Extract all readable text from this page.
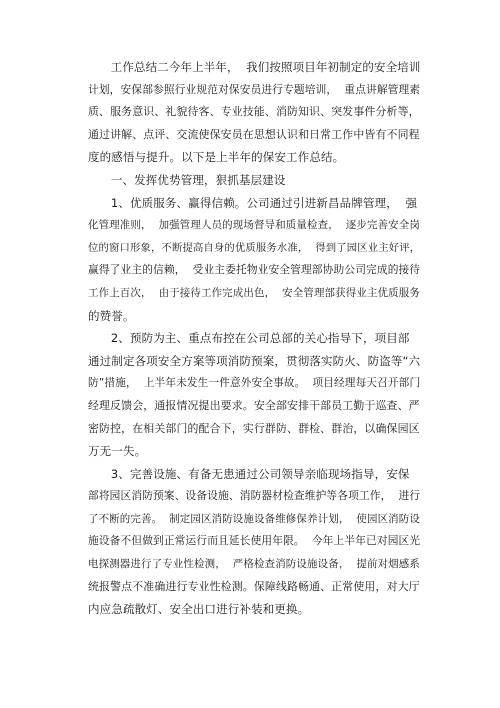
工作总结二今年上半年，  我们按照项目年初制定的安全培训
计划，安保部参照行业规范对保安员进行专题培训，  重点讲解管理素
质、服务意识、礼貌待客、专业技能、消防知识、突发事件分析等，
通过讲解、点评、交流使保安员在思想认识和日常工作中皆有不同程
度的感悟与提升。以下是上半年的保安工作总结。
一、发挥优势管理，狠抓基层建设
1、优质服务、赢得信赖。公司通过引进新昌品牌管理，  强
化管理准则，  加强管理人员的现场督导和质量检查，  逐步完善安全岗
位的窗口形象，不断提高自身的优质服务水准，  得到了园区业主好评，
赢得了业主的信赖，  受业主委托物业安全管理部协助公司完成的接待
工作上百次，  由于接待工作完成出色，  安全管理部获得业主优质服务
的赞誉。
2、预防为主、重点布控在公司总部的关心指导下，项目部
通过制定各项安全方案等项消防预案，贯彻落实防火、防盗等“六
防”措施，  上半年未发生一件意外安全事故。  项目经理每天召开部门
经理反馈会，通报情况提出要求。安全部安排干部员工勤于巡查、严
密防控，在相关部门的配合下，实行群防、群检、群治，以确保园区
万无一失。
3、完善设施、有备无患通过公司领导亲临现场指导，安保
部将园区消防预案、设备设施、消防器材检查维护等各项工作，  进行
了不断的完善。  制定园区消防设施设备维修保养计划，  使园区消防设
施设备不但做到正常运行而且延长使用年限。  今年上半年已对园区光
电探测器进行了专业性检测，  严格检查消防设施设备，  提前对烟感系
统报警点不准确进行专业性检测。保障线路畅通、正常使用，对大厅
内应急疏散灯、安全出口进行补装和更换。
